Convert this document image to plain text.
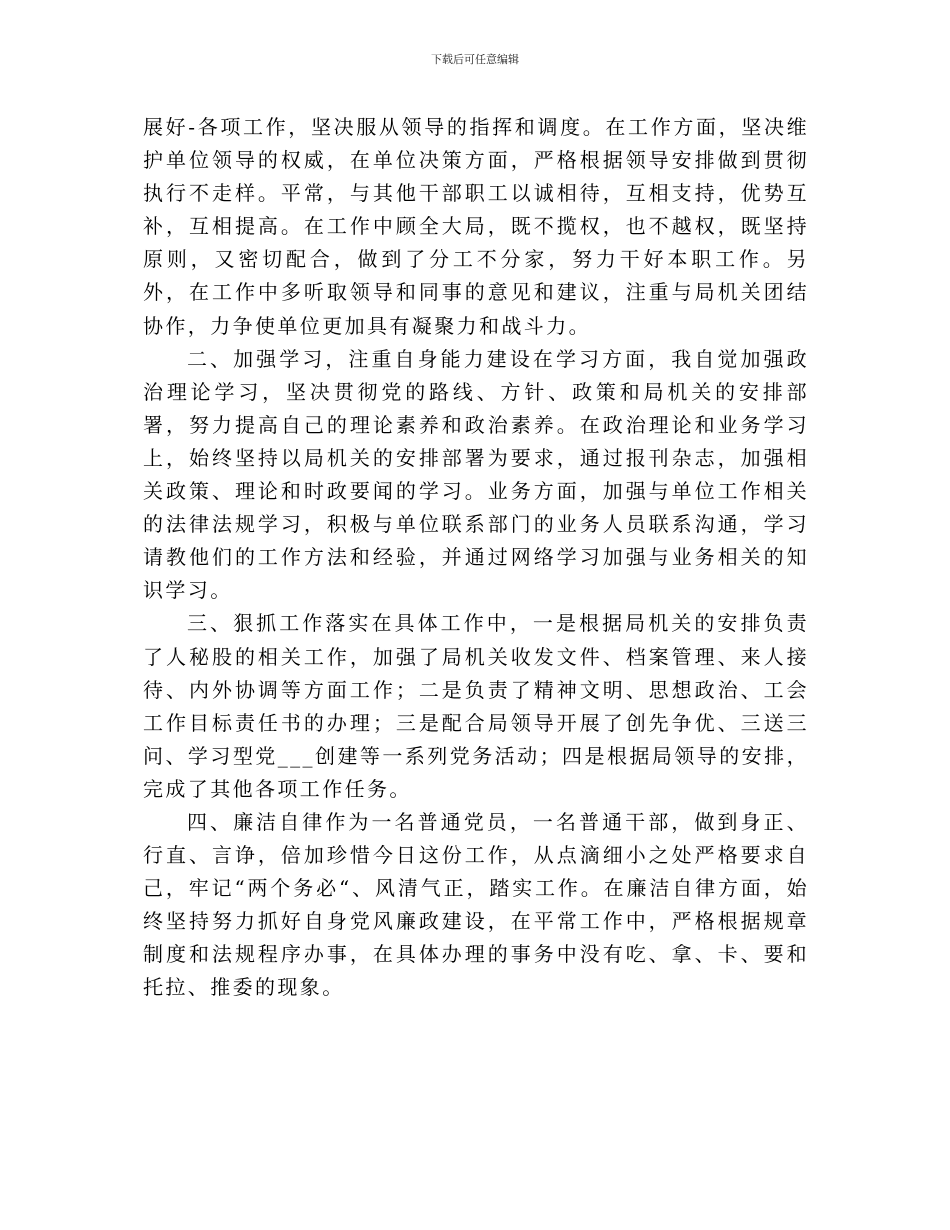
下载后可任意编辑

展好-各项工作，坚决服从领导的指挥和调度。在工作方面，坚决维护单位领导的权威，在单位决策方面，严格根据领导安排做到贯彻执行不走样。平常，与其他干部职工以诚相待，互相支持，优势互补，互相提高。在工作中顾全大局，既不揽权，也不越权，既坚持原则，又密切配合，做到了分工不分家，努力干好本职工作。另外，在工作中多听取领导和同事的意见和建议，注重与局机关团结协作，力争使单位更加具有凝聚力和战斗力。

二、加强学习，注重自身能力建设在学习方面，我自觉加强政治理论学习，坚决贯彻党的路线、方针、政策和局机关的安排部署，努力提高自己的理论素养和政治素养。在政治理论和业务学习上，始终坚持以局机关的安排部署为要求，通过报刊杂志，加强相关政策、理论和时政要闻的学习。业务方面，加强与单位工作相关的法律法规学习，积极与单位联系部门的业务人员联系沟通，学习请教他们的工作方法和经验，并通过网络学习加强与业务相关的知识学习。

三、狠抓工作落实在具体工作中，一是根据局机关的安排负责了人秘股的相关工作，加强了局机关收发文件、档案管理、来人接待、内外协调等方面工作；二是负责了精神文明、思想政治、工会工作目标责任书的办理；三是配合局领导开展了创先争优、三送三问、学习型党___创建等一系列党务活动；四是根据局领导的安排，完成了其他各项工作任务。

四、廉洁自律作为一名普通党员，一名普通干部，做到身正、行直、言诤，倍加珍惜今日这份工作，从点滴细小之处严格要求自己，牢记“两个务必“、风清气正，踏实工作。在廉洁自律方面，始终坚持努力抓好自身党风廉政建设，在平常工作中，严格根据规章制度和法规程序办事，在具体办理的事务中没有吃、拿、卡、要和托拉、推委的现象。
